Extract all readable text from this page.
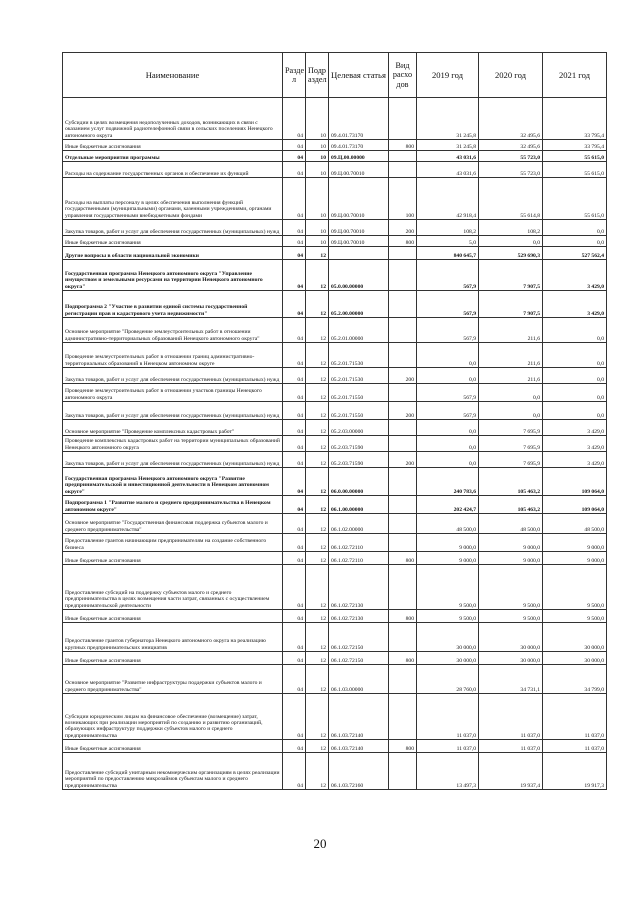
Наименование	Разде л	Подр аздел	Целевая статья	Вид расхо дов	2019 год	2020 год	2021 год
Субсидии в целях возмещения недополученных доходов, возникающих в связи с оказанием услуг подвижной радиотелефонной связи в сельских поселениях Ненецкого автономного округа	04	10	09.4.01.73170		31 245,8	32 495,6	33 795,4
Иные бюджетные ассигнования	04	10	09.4.01.73170	800	31 245,8	32 495,6	33 795,4
Отдельные мероприятия программы	04	10	09.Ц.00.00000		43 031,6	55 723,0	55 615,0
Расходы на содержание государственных органов и обеспечение их функций	04	10	09.Ц.00.70010		43 031,6	55 723,0	55 615,0
Расходы на выплаты персоналу в целях обеспечения выполнения функций государственными (муниципальными) органами, казенными учреждениями, органами управления государственными внебюджетными фондами	04	10	09.Ц.00.70010	100	42 918,4	55 614,8	55 615,0
Закупка товаров, работ и услуг для обеспечения государственных (муниципальных) нужд	04	10	09.Ц.00.70010	200	108,2	108,2	0,0
Иные бюджетные ассигнования	04	10	09.Ц.00.70010	800	5,0	0,0	0,0
Другие вопросы в области национальной экономики	04	12			840 645,7	529 690,3	527 562,4
Государственная программа Ненецкого автономного округа "Управление имуществом и земельными ресурсами на территории Ненецкого автономного округа"	04	12	05.0.00.00000		567,9	7 907,5	3 429,0
Подпрограмма 2 "Участие в развитии единой системы государственной регистрации прав и кадастрового учета недвижимости"	04	12	05.2.00.00000		567,9	7 907,5	3 429,0
Основное мероприятие "Проведение землеустроительных работ в отношении административно-территориальных образований Ненецкого автономного округа"	04	12	05.2.01.00000		567,9	211,6	0,0
Проведение землеустроительных работ в отношении границ административно-территориальных образований в Ненецком автономном округе	04	12	05.2.01.71530		0,0	211,6	0,0
Закупка товаров, работ и услуг для обеспечения государственных (муниципальных) нужд	04	12	05.2.01.71530	200	0,0	211,6	0,0
Проведение землеустроительных работ в отношении участков границы Ненецкого автономного округа	04	12	05.2.01.71550		567,9	0,0	0,0
Закупка товаров, работ и услуг для обеспечения государственных (муниципальных) нужд	04	12	05.2.01.71550	200	567,9	0,0	0,0
Основное мероприятие "Проведение комплексных кадастровых работ"	04	12	05.2.03.00000		0,0	7 695,9	3 429,0
Проведение комплексных кадастровых работ на территории муниципальных образований Ненецкого автономного округа	04	12	05.2.03.71590		0,0	7 695,9	3 429,0
Закупка товаров, работ и услуг для обеспечения государственных (муниципальных) нужд	04	12	05.2.03.71590	200	0,0	7 695,9	3 429,0
Государственная программа Ненецкого автономного округа "Развитие предпринимательской и инвестиционной деятельности в Ненецком автономном округе"	04	12	06.0.00.00000		240 783,6	105 463,2	109 064,0
Подпрограмма 1 "Развитие малого и среднего предпринимательства в Ненецком автономном округе"	04	12	06.1.00.00000		202 424,7	105 463,2	109 064,0
Основное мероприятие "Государственная финансовая поддержка субъектов малого и среднего предпринимательства"	04	12	06.1.02.00000		48 500,0	48 500,0	48 500,0
Предоставление грантов начинающим предпринимателям на создание собственного бизнеса	04	12	06.1.02.72110		9 000,0	9 000,0	9 000,0
Иные бюджетные ассигнования	04	12	06.1.02.72110	800	9 000,0	9 000,0	9 000,0
Предоставление субсидий на поддержку субъектов малого и среднего предпринимательства в целях возмещения части затрат, связанных с осуществлением предпринимательской деятельности	04	12	06.1.02.72130		9 500,0	9 500,0	9 500,0
Иные бюджетные ассигнования	04	12	06.1.02.72130	800	9 500,0	9 500,0	9 500,0
Предоставление грантов губернатора Ненецкого автономного округа на реализацию крупных предпринимательских инициатив	04	12	06.1.02.72150		30 000,0	30 000,0	30 000,0
Иные бюджетные ассигнования	04	12	06.1.02.72150	800	30 000,0	30 000,0	30 000,0
Основное мероприятие "Развитие инфраструктуры поддержки субъектов малого и среднего предпринимательства"	04	12	06.1.03.00000		28 760,0	34 731,1	34 799,0
Субсидии юридическим лицам на финансовое обеспечение (возмещение) затрат, возникающих при реализации мероприятий по созданию и развитию организаций, образующих инфраструктуру поддержки субъектов малого и среднего предпринимательства	04	12	06.1.03.72140		11 037,0	11 037,0	11 037,0
Иные бюджетные ассигнования	04	12	06.1.03.72140	800	11 037,0	11 037,0	11 037,0
Предоставление субсидий унитарным некоммерческим организациям в целях реализации мероприятий по предоставлению микрозаймов субъектам малого и среднего предпринимательства	04	12	06.1.03.72160		13 497,3	19 937,4	19 917,3
20
